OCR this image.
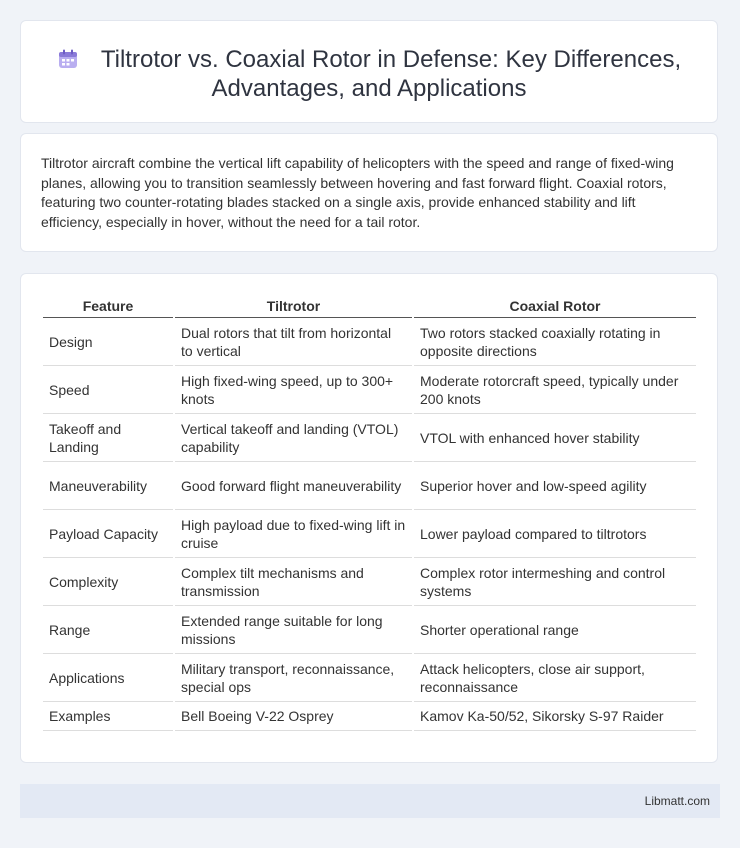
Tiltrotor vs. Coaxial Rotor in Defense: Key Differences, Advantages, and Applications
Tiltrotor aircraft combine the vertical lift capability of helicopters with the speed and range of fixed-wing planes, allowing you to transition seamlessly between hovering and fast forward flight. Coaxial rotors, featuring two counter-rotating blades stacked on a single axis, provide enhanced stability and lift efficiency, especially in hover, without the need for a tail rotor.
Feature	Tiltrotor	Coaxial Rotor
Design	Dual rotors that tilt from horizontal to vertical	Two rotors stacked coaxially rotating in opposite directions
Speed	High fixed-wing speed, up to 300+ knots	Moderate rotorcraft speed, typically under 200 knots
Takeoff and Landing	Vertical takeoff and landing (VTOL) capability	VTOL with enhanced hover stability
Maneuverability	Good forward flight maneuverability	Superior hover and low-speed agility
Payload Capacity	High payload due to fixed-wing lift in cruise	Lower payload compared to tiltrotors
Complexity	Complex tilt mechanisms and transmission	Complex rotor intermeshing and control systems
Range	Extended range suitable for long missions	Shorter operational range
Applications	Military transport, reconnaissance, special ops	Attack helicopters, close air support, reconnaissance
Examples	Bell Boeing V-22 Osprey	Kamov Ka-50/52, Sikorsky S-97 Raider
Libmatt.com
